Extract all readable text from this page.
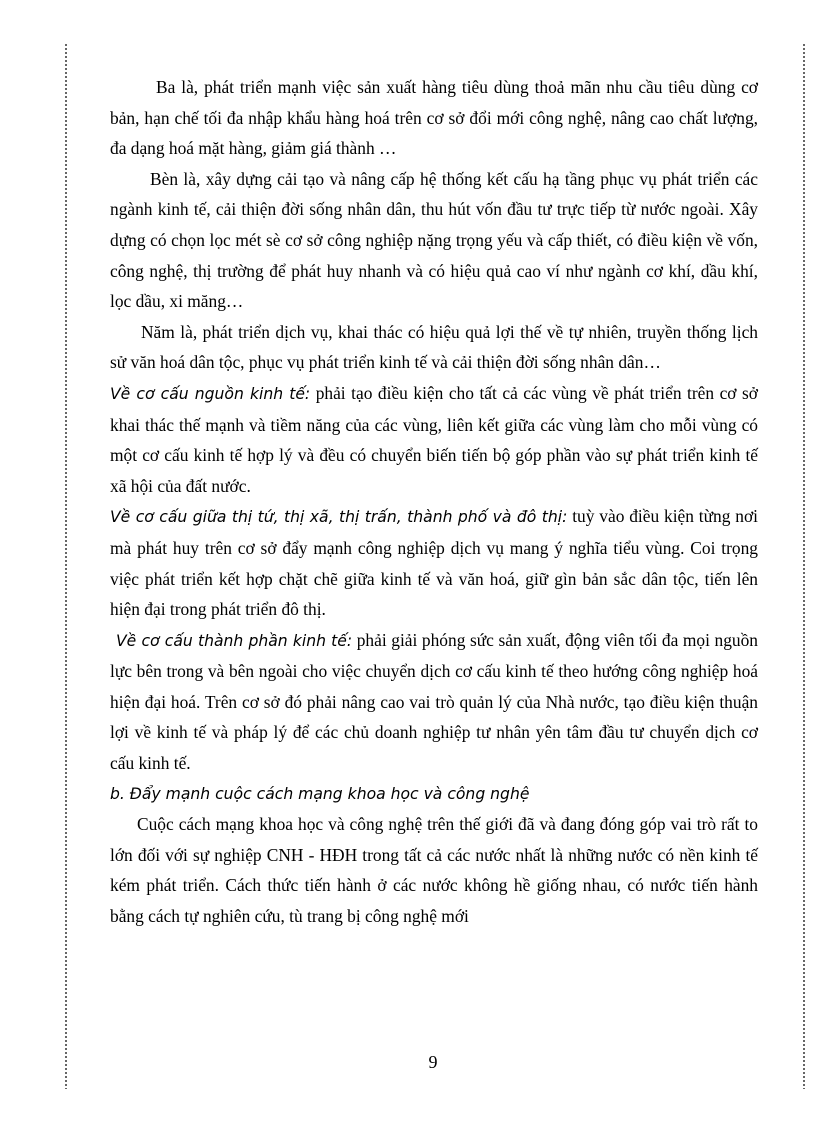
Ba là, phát triển mạnh việc sản xuất hàng tiêu dùng thoả mãn nhu cầu tiêu dùng cơ bản, hạn chế tối đa nhập khẩu hàng hoá trên cơ sở đổi mới công nghệ, nâng cao chất lượng, đa dạng hoá mặt hàng, giảm giá thành …

Bèn là, xây dựng cải tạo và nâng cấp hệ thống kết cấu hạ tầng phục vụ phát triển các ngành kinh tế, cải thiện đời sống nhân dân, thu hút vốn đầu tư trực tiếp từ nước ngoài. Xây dựng có chọn lọc mét sè cơ sở công nghiệp nặng trọng yếu và cấp thiết, có điều kiện về vốn, công nghệ, thị trường để phát huy nhanh và có hiệu quả cao ví như ngành cơ khí, dầu khí, lọc dầu, xi măng…

Năm là, phát triển dịch vụ, khai thác có hiệu quả lợi thế về tự nhiên, truyền thống lịch sử văn hoá dân tộc, phục vụ phát triển kinh tế và cải thiện đời sống nhân dân…

Về cơ cấu nguồn kinh tế: phải tạo điều kiện cho tất cả các vùng về phát triển trên cơ sở khai thác thế mạnh và tiềm năng của các vùng, liên kết giữa các vùng làm cho mỗi vùng có một cơ cấu kinh tế hợp lý và đều có chuyển biến tiến bộ góp phần vào sự phát triển kinh tế xã hội của đất nước.

Về cơ cấu giữa thị tứ, thị xã, thị trấn, thành phố và đô thị: tuỳ vào điều kiện từng nơi mà phát huy trên cơ sở đẩy mạnh công nghiệp dịch vụ mang ý nghĩa tiểu vùng. Coi trọng việc phát triển kết hợp chặt chẽ giữa kinh tế và văn hoá, giữ gìn bản sắc dân tộc, tiến lên hiện đại trong phát triển đô thị.

Về cơ cấu thành phần kinh tế: phải giải phóng sức sản xuất, động viên tối đa mọi nguồn lực bên trong và bên ngoài cho việc chuyển dịch cơ cấu kinh tế theo hướng công nghiệp hoá hiện đại hoá. Trên cơ sở đó phải nâng cao vai trò quản lý của Nhà nước, tạo điều kiện thuận lợi về kinh tế và pháp lý để các chủ doanh nghiệp tư nhân yên tâm đầu tư chuyển dịch cơ cấu kinh tế.

b. Đẩy mạnh cuộc cách mạng khoa học và công nghệ

Cuộc cách mạng khoa học và công nghệ trên thế giới đã và đang đóng góp vai trò rất to lớn đối với sự nghiệp CNH - HĐH trong tất cả các nước nhất là những nước có nền kinh tế kém phát triển. Cách thức tiến hành ở các nước không hề giống nhau, có nước tiến hành bằng cách tự nghiên cứu, tù trang bị công nghệ mới

9
